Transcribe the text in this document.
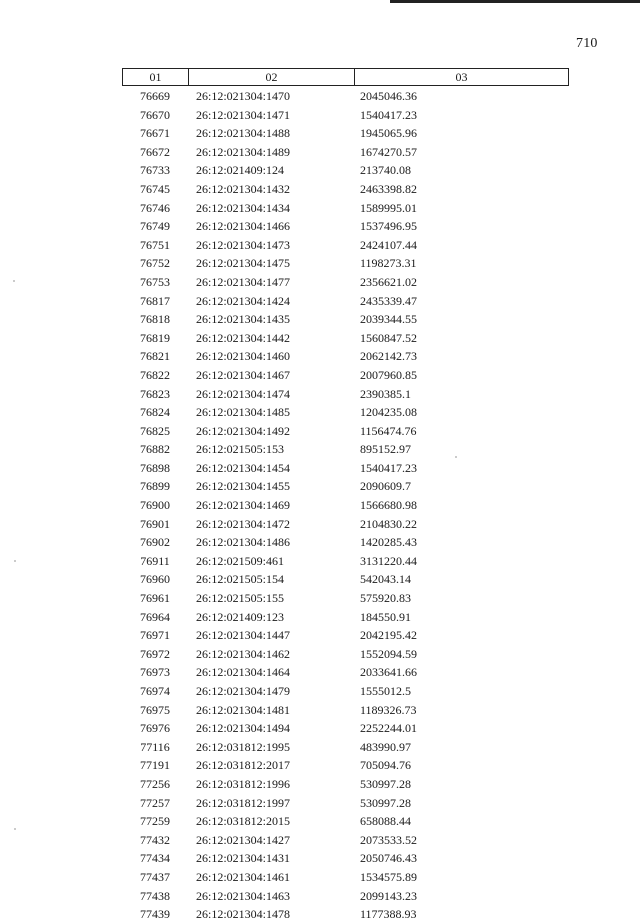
710
01	02	03
76669	26:12:021304:1470	2045046.36
76670	26:12:021304:1471	1540417.23
76671	26:12:021304:1488	1945065.96
76672	26:12:021304:1489	1674270.57
76733	26:12:021409:124	213740.08
76745	26:12:021304:1432	2463398.82
76746	26:12:021304:1434	1589995.01
76749	26:12:021304:1466	1537496.95
76751	26:12:021304:1473	2424107.44
76752	26:12:021304:1475	1198273.31
76753	26:12:021304:1477	2356621.02
76817	26:12:021304:1424	2435339.47
76818	26:12:021304:1435	2039344.55
76819	26:12:021304:1442	1560847.52
76821	26:12:021304:1460	2062142.73
76822	26:12:021304:1467	2007960.85
76823	26:12:021304:1474	2390385.1
76824	26:12:021304:1485	1204235.08
76825	26:12:021304:1492	1156474.76
76882	26:12:021505:153	895152.97
76898	26:12:021304:1454	1540417.23
76899	26:12:021304:1455	2090609.7
76900	26:12:021304:1469	1566680.98
76901	26:12:021304:1472	2104830.22
76902	26:12:021304:1486	1420285.43
76911	26:12:021509:461	3131220.44
76960	26:12:021505:154	542043.14
76961	26:12:021505:155	575920.83
76964	26:12:021409:123	184550.91
76971	26:12:021304:1447	2042195.42
76972	26:12:021304:1462	1552094.59
76973	26:12:021304:1464	2033641.66
76974	26:12:021304:1479	1555012.5
76975	26:12:021304:1481	1189326.73
76976	26:12:021304:1494	2252244.01
77116	26:12:031812:1995	483990.97
77191	26:12:031812:2017	705094.76
77256	26:12:031812:1996	530997.28
77257	26:12:031812:1997	530997.28
77259	26:12:031812:2015	658088.44
77432	26:12:021304:1427	2073533.52
77434	26:12:021304:1431	2050746.43
77437	26:12:021304:1461	1534575.89
77438	26:12:021304:1463	2099143.23
77439	26:12:021304:1478	1177388.93
